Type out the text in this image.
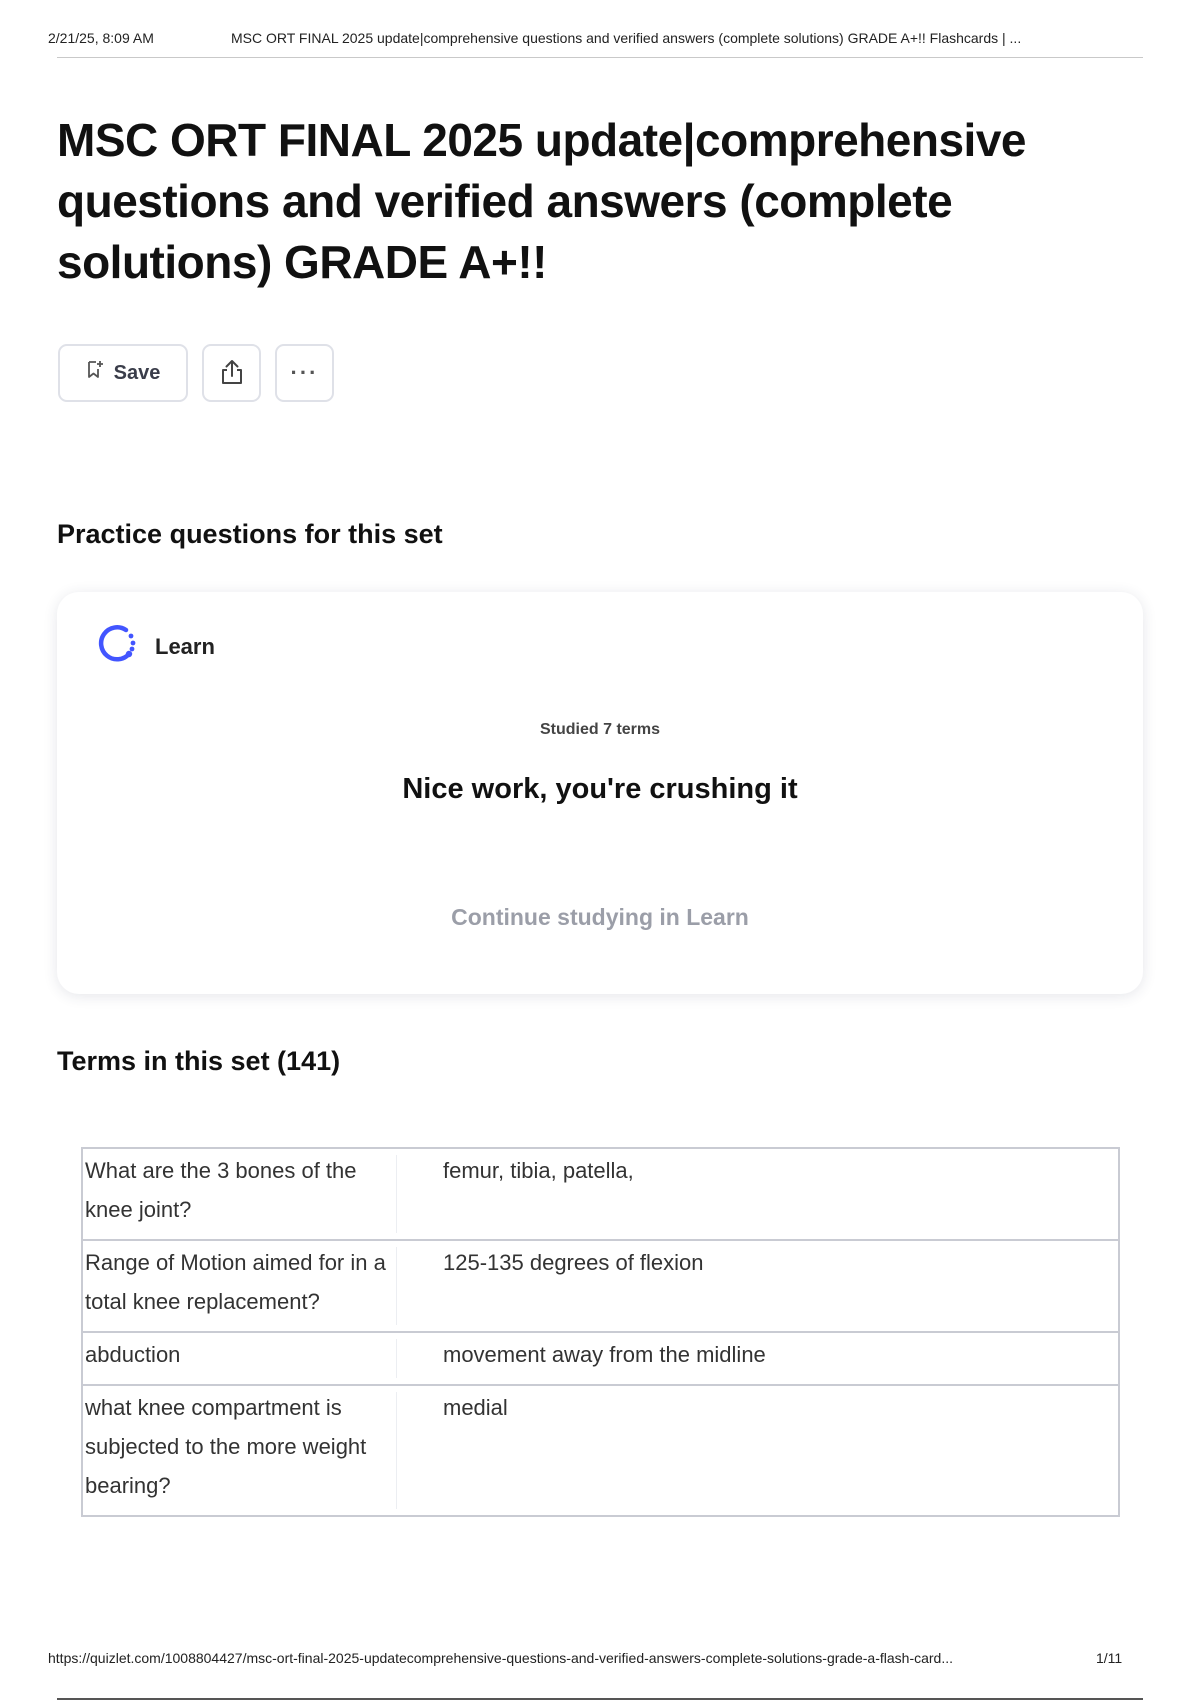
2/21/25, 8:09 AM	MSC ORT FINAL 2025 update|comprehensive questions and verified answers (complete solutions) GRADE A+!! Flashcards | ...
MSC ORT FINAL 2025 update|comprehensive questions and verified answers (complete solutions) GRADE A+!!
Save	···
Practice questions for this set
Learn
Studied 7 terms
Nice work, you're crushing it
Continue studying in Learn
Terms in this set (141)
What are the 3 bones of the knee joint?	femur, tibia, patella,
Range of Motion aimed for in a total knee replacement?	125-135 degrees of flexion
abduction	movement away from the midline
what knee compartment is subjected to the more weight bearing?	medial
https://quizlet.com/1008804427/msc-ort-final-2025-updatecomprehensive-questions-and-verified-answers-complete-solutions-grade-a-flash-card...	1/11
